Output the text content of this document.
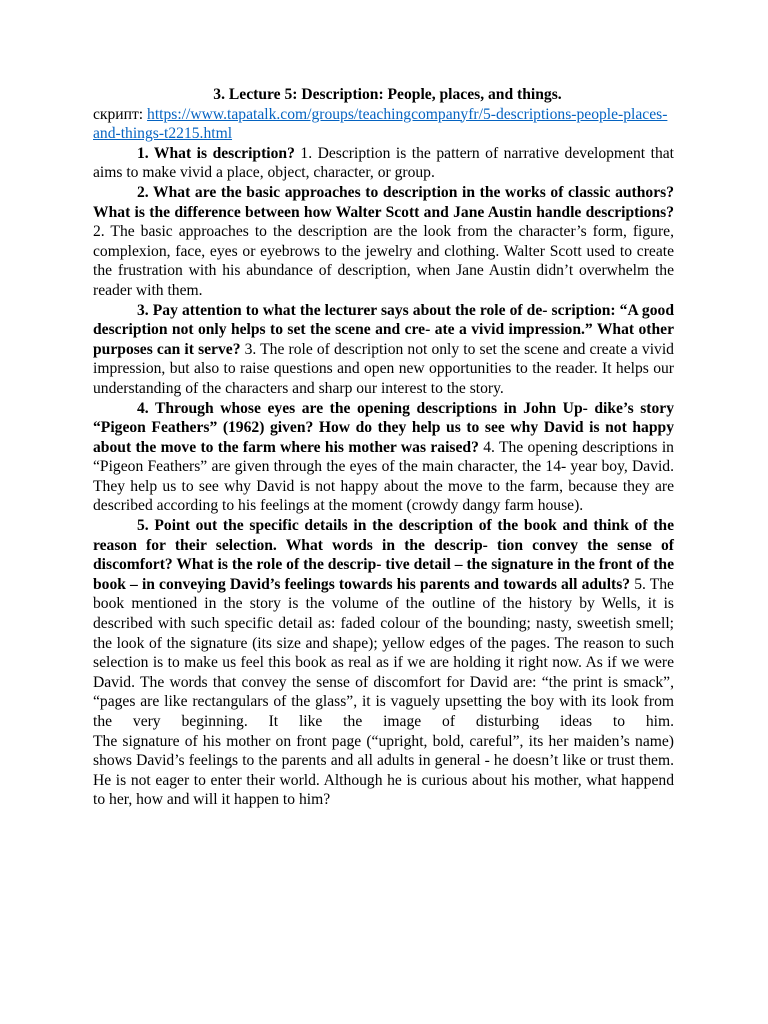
3. Lecture 5: Description: People, places, and things.

скрипт: https://www.tapatalk.com/groups/teachingcompanyfr/5-descriptions-people-places-and-things-t2215.html

1. What is description? 1. Description is the pattern of narrative development that aims to make vivid a place, object, character, or group.

2. What are the basic approaches to description in the works of classic authors? What is the difference between how Walter Scott and Jane Austin handle descriptions? 2. The basic approaches to the description are the look from the character’s form, figure, complexion, face, eyes or eyebrows to the jewelry and clothing. Walter Scott used to create the frustration with his abundance of description, when Jane Austin didn’t overwhelm the reader with them.

3. Pay attention to what the lecturer says about the role of de- scription: “A good description not only helps to set the scene and cre- ate a vivid impression.” What other purposes can it serve? 3. The role of description not only to set the scene and create a vivid impression, but also to raise questions and open new opportunities to the reader. It helps our understanding of the characters and sharp our interest to the story.

4. Through whose eyes are the opening descriptions in John Up- dike’s story “Pigeon Feathers” (1962) given? How do they help us to see why David is not happy about the move to the farm where his mother was raised? 4. The opening descriptions in “Pigeon Feathers” are given through the eyes of the main character, the 14- year boy, David. They help us to see why David is not happy about the move to the farm, because they are described according to his feelings at the moment (crowdy dangy farm house).

5. Point out the specific details in the description of the book and think of the reason for their selection. What words in the descrip- tion convey the sense of discomfort? What is the role of the descrip- tive detail – the signature in the front of the book – in conveying David’s feelings towards his parents and towards all adults? 5. The book mentioned in the story is the volume of the outline of the history by Wells, it is described with such specific detail as: faded colour of the bounding; nasty, sweetish smell; the look of the signature (its size and shape); yellow edges of the pages. The reason to such selection is to make us feel this book as real as if we are holding it right now. As if we were David. The words that convey the sense of discomfort for David are: “the print is smack”, “pages are like rectangulars of the glass”, it is vaguely upsetting the boy with its look from the very beginning. It like the image of disturbing ideas to him.

The signature of his mother on front page (“upright, bold, careful”, its her maiden’s name) shows David’s feelings to the parents and all adults in general - he doesn’t like or trust them. He is not eager to enter their world. Although he is curious about his mother, what happend to her, how and will it happen to him?
